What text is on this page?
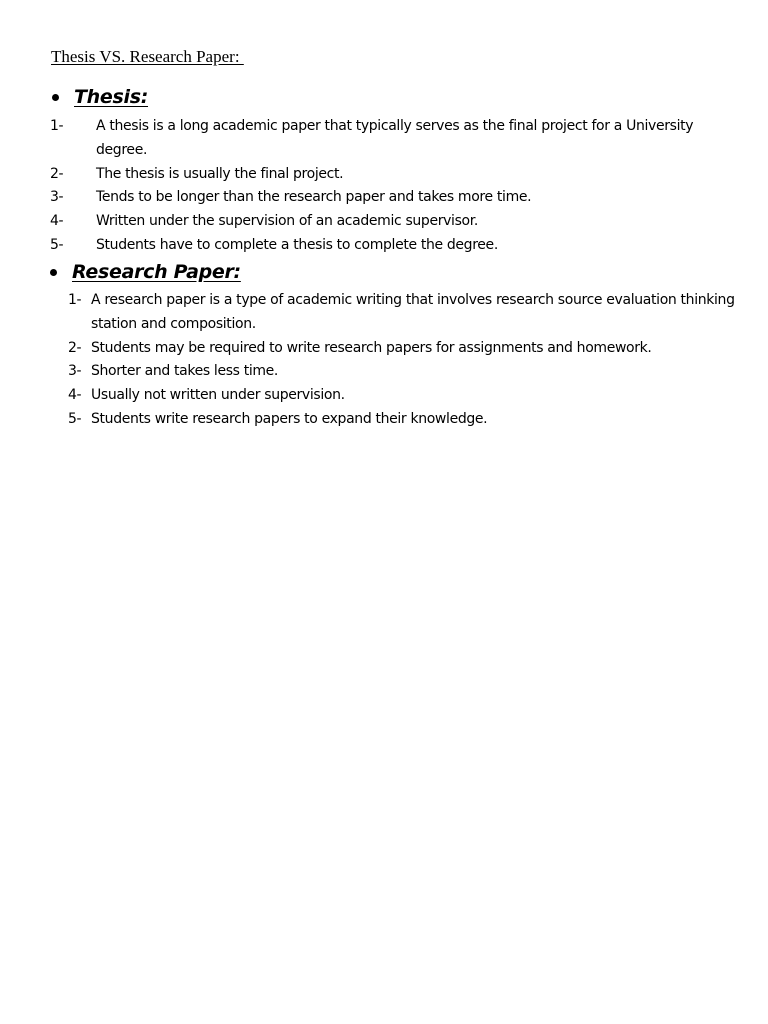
Thesis VS. Research Paper:
Thesis:
1-	A thesis is a long academic paper that typically serves as the final project for a University degree.
2-	The thesis is usually the final project.
3-	Tends to be longer than the research paper and takes more time.
4-	Written under the supervision of an academic supervisor.
5-	Students have to complete a thesis to complete the degree.
Research Paper:
1- A research paper is a type of academic writing that involves research source evaluation thinking station and composition.
2- Students may be required to write research papers for assignments and homework.
3- Shorter and takes less time.
4- Usually not written under supervision.
5- Students write research papers to expand their knowledge.
